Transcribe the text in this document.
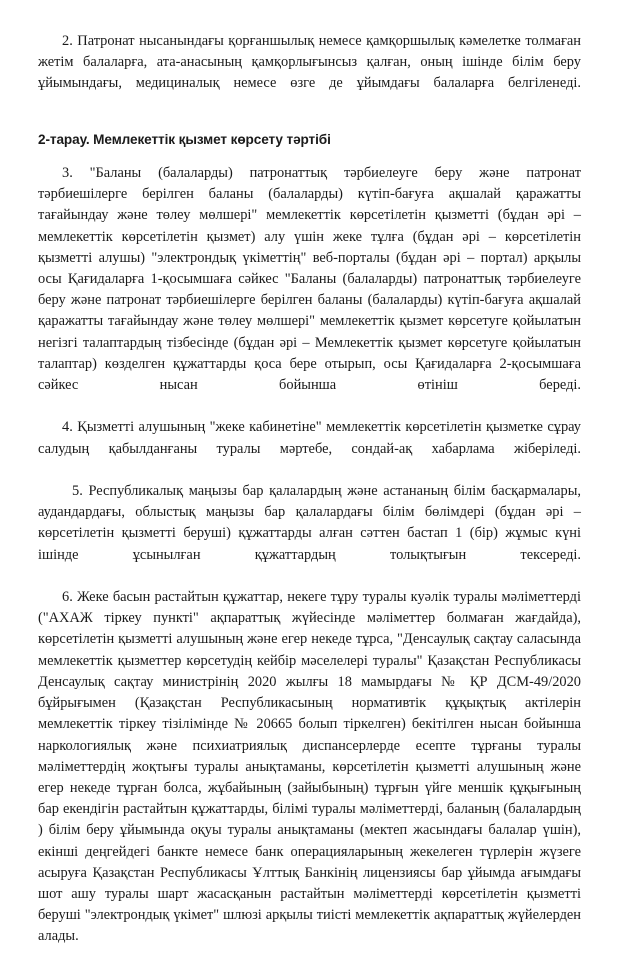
2. Патронат нысанындағы қорғаншылық немесе қамқоршылық кәмелетке толмаған жетім балаларға, ата-анасының қамқорлығынсыз қалған, оның ішінде білім беру ұйымындағы, медициналық немесе өзге де ұйымдағы балаларға белгіленеді.

2-тарау. Мемлекеттік қызмет көрсету тәртібі

3. "Баланы (балаларды) патронаттық тәрбиелеуге беру және патронат тәрбиешілерге берілген баланы (балаларды) күтіп-бағуға ақшалай қаражатты тағайындау және төлеу мөлшері" мемлекеттік көрсетілетін қызметті (бұдан әрі – мемлекеттік көрсетілетін қызмет) алу үшін жеке тұлға (бұдан әрі – көрсетілетін қызметті алушы) "электрондық үкіметтің" веб-порталы (бұдан әрі – портал) арқылы осы Қағидаларға 1-қосымшаға сәйкес "Баланы (балаларды) патронаттық тәрбиелеуге беру және патронат тәрбиешілерге берілген баланы (балаларды) күтіп-бағуға ақшалай қаражатты тағайындау және төлеу мөлшері" мемлекеттік қызмет көрсетуге қойылатын негізгі талаптардың тізбесінде (бұдан әрі – Мемлекеттік қызмет көрсетуге қойылатын талаптар) көзделген құжаттарды қоса бере отырып, осы Қағидаларға 2-қосымшаға сәйкес нысан бойынша өтініш береді.

4. Қызметті алушының "жеке кабинетіне" мемлекеттік көрсетілетін қызметке сұрау салудың қабылданғаны туралы мәртебе, сондай-ақ хабарлама жіберіледі.

5. Республикалық маңызы бар қалалардың және астананың білім басқармалары, аудандардағы, облыстық маңызы бар қалалардағы білім бөлімдері (бұдан әрі – көрсетілетін қызметті беруші) құжаттарды алған сәттен бастап 1 (бір) жұмыс күні ішінде ұсынылған құжаттардың толықтығын тексереді.

6. Жеке басын растайтын құжаттар, некеге тұру туралы куәлік туралы мәліметтерді ("АХАЖ тіркеу пункті" ақпараттық жүйесінде мәліметтер болмаған жағдайда), көрсетілетін қызметті алушының және егер некеде тұрса, "Денсаулық сақтау саласында мемлекеттік қызметтер көрсетудің кейбір мәселелері туралы" Қазақстан Республикасы Денсаулық сақтау министрінің 2020 жылғы 18 мамырдағы № ҚР ДСМ-49/2020 бұйрығымен (Қазақстан Республикасының нормативтік құқықтық актілерін мемлекеттік тіркеу тізілімінде № 20665 болып тіркелген) бекітілген нысан бойынша наркологиялық және психиатриялық диспансерлерде есепте тұрғаны туралы мәліметтердің жоқтығы туралы анықтаманы, көрсетілетін қызметті алушының және егер некеде тұрған болса, жұбайының (зайыбының) тұрғын үйге меншік құқығының бар екендігін растайтын құжаттарды, білімі туралы мәліметтерді, баланың (балалардың ) білім беру ұйымында оқуы туралы анықтаманы (мектеп жасындағы балалар үшін), екінші деңгейдегі банкте немесе банк операцияларының жекелеген түрлерін жүзеге асыруға Қазақстан Республикасы Ұлттық Банкінің лицензиясы бар ұйымда ағымдағы шот ашу туралы шарт жасасқанын растайтын мәліметтерді көрсетілетін қызметті беруші "электрондық үкімет" шлюзі арқылы тиісті мемлекеттік ақпараттық жүйелерден алады.
